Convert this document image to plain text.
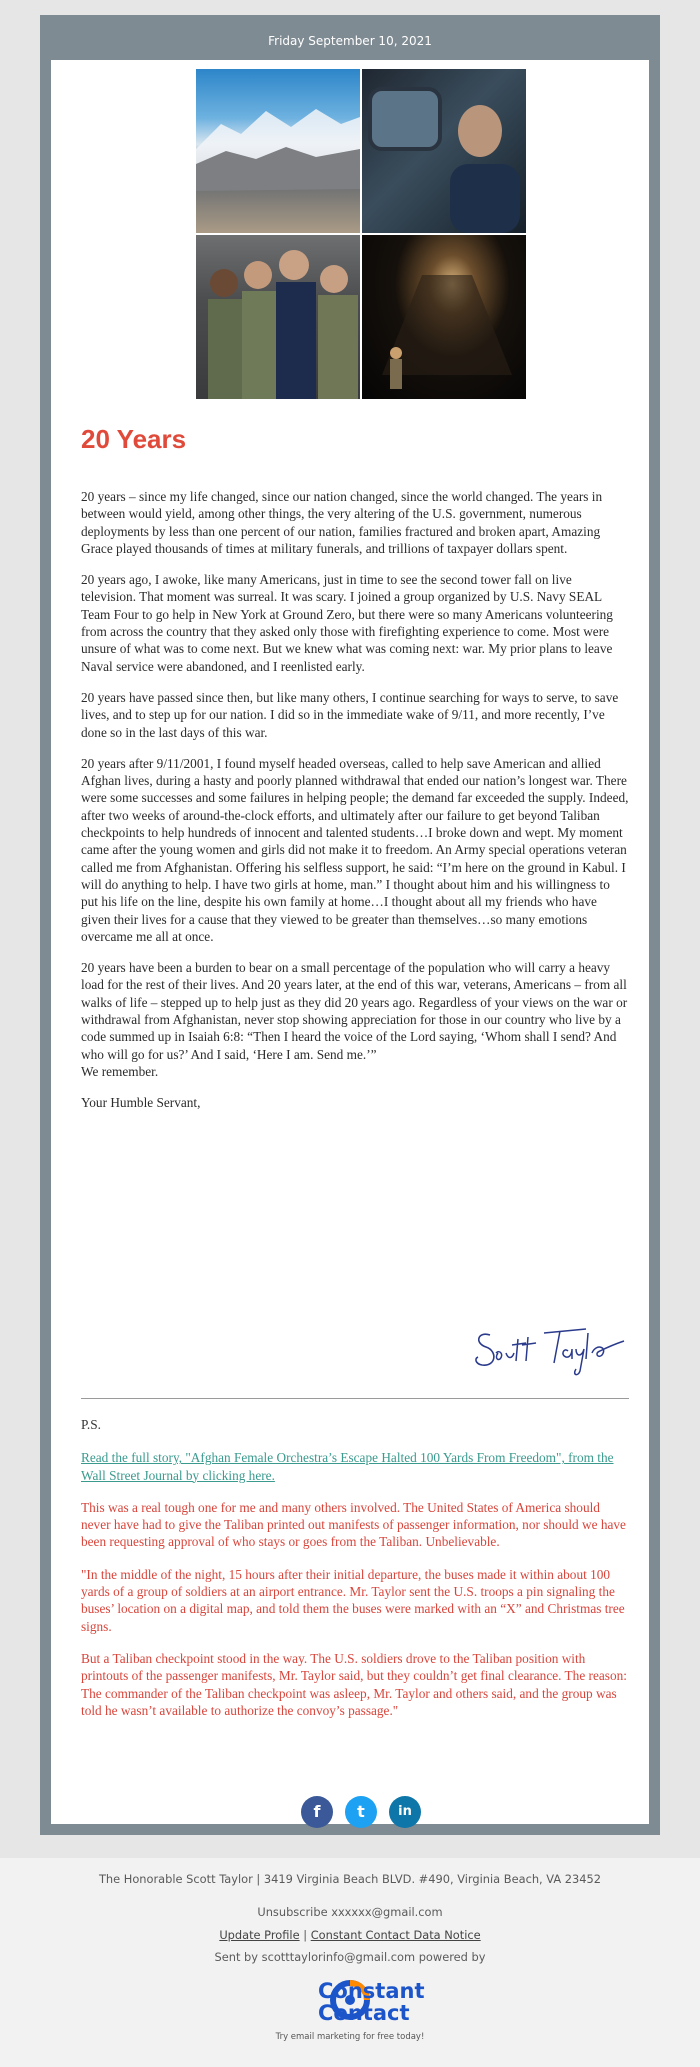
Friday September 10, 2021
20 Years

20 years – since my life changed, since our nation changed, since the world changed. The years in between would yield, among other things, the very altering of the U.S. government, numerous deployments by less than one percent of our nation, families fractured and broken apart, Amazing Grace played thousands of times at military funerals, and trillions of taxpayer dollars spent.

20 years ago, I awoke, like many Americans, just in time to see the second tower fall on live television. That moment was surreal. It was scary. I joined a group organized by U.S. Navy SEAL Team Four to go help in New York at Ground Zero, but there were so many Americans volunteering from across the country that they asked only those with firefighting experience to come. Most were unsure of what was to come next. But we knew what was coming next: war. My prior plans to leave Naval service were abandoned, and I reenlisted early.

20 years have passed since then, but like many others, I continue searching for ways to serve, to save lives, and to step up for our nation. I did so in the immediate wake of 9/11, and more recently, I’ve done so in the last days of this war.

20 years after 9/11/2001, I found myself headed overseas, called to help save American and allied Afghan lives, during a hasty and poorly planned withdrawal that ended our nation’s longest war. There were some successes and some failures in helping people; the demand far exceeded the supply. Indeed, after two weeks of around-the-clock efforts, and ultimately after our failure to get beyond Taliban checkpoints to help hundreds of innocent and talented students…I broke down and wept. My moment came after the young women and girls did not make it to freedom. An Army special operations veteran called me from Afghanistan. Offering his selfless support, he said: “I’m here on the ground in Kabul. I will do anything to help. I have two girls at home, man.” I thought about him and his willingness to put his life on the line, despite his own family at home…I thought about all my friends who have given their lives for a cause that they viewed to be greater than themselves…so many emotions overcame me all at once.

20 years have been a burden to bear on a small percentage of the population who will carry a heavy load for the rest of their lives. And 20 years later, at the end of this war, veterans, Americans – from all walks of life – stepped up to help just as they did 20 years ago. Regardless of your views on the war or withdrawal from Afghanistan, never stop showing appreciation for those in our country who live by a code summed up in Isaiah 6:8: “Then I heard the voice of the Lord saying, ‘Whom shall I send? And who will go for us?’ And I said, ‘Here I am. Send me.’”

We remember.

Your Humble Servant,

P.S.
Read the full story, "Afghan Female Orchestra’s Escape Halted 100 Yards From Freedom", from the Wall Street Journal by clicking here.
This was a real tough one for me and many others involved. The United States of America should never have had to give the Taliban printed out manifests of passenger information, nor should we have been requesting approval of who stays or goes from the Taliban. Unbelievable.
"In the middle of the night, 15 hours after their initial departure, the buses made it within about 100 yards of a group of soldiers at an airport entrance. Mr. Taylor sent the U.S. troops a pin signaling the buses’ location on a digital map, and told them the buses were marked with an “X” and Christmas tree signs.
But a Taliban checkpoint stood in the way. The U.S. soldiers drove to the Taliban position with printouts of the passenger manifests, Mr. Taylor said, but they couldn’t get final clearance. The reason: The commander of the Taliban checkpoint was asleep, Mr. Taylor and others said, and the group was told he wasn’t available to authorize the convoy’s passage."
f	t	in
The Honorable Scott Taylor | 3419 Virginia Beach BLVD. #490, Virginia Beach, VA 23452
Unsubscribe xxxxxx@gmail.com
Update Profile | Constant Contact Data Notice
Sent by scotttaylorinfo@gmail.com powered by
Constant
Contact
Try email marketing for free today!
